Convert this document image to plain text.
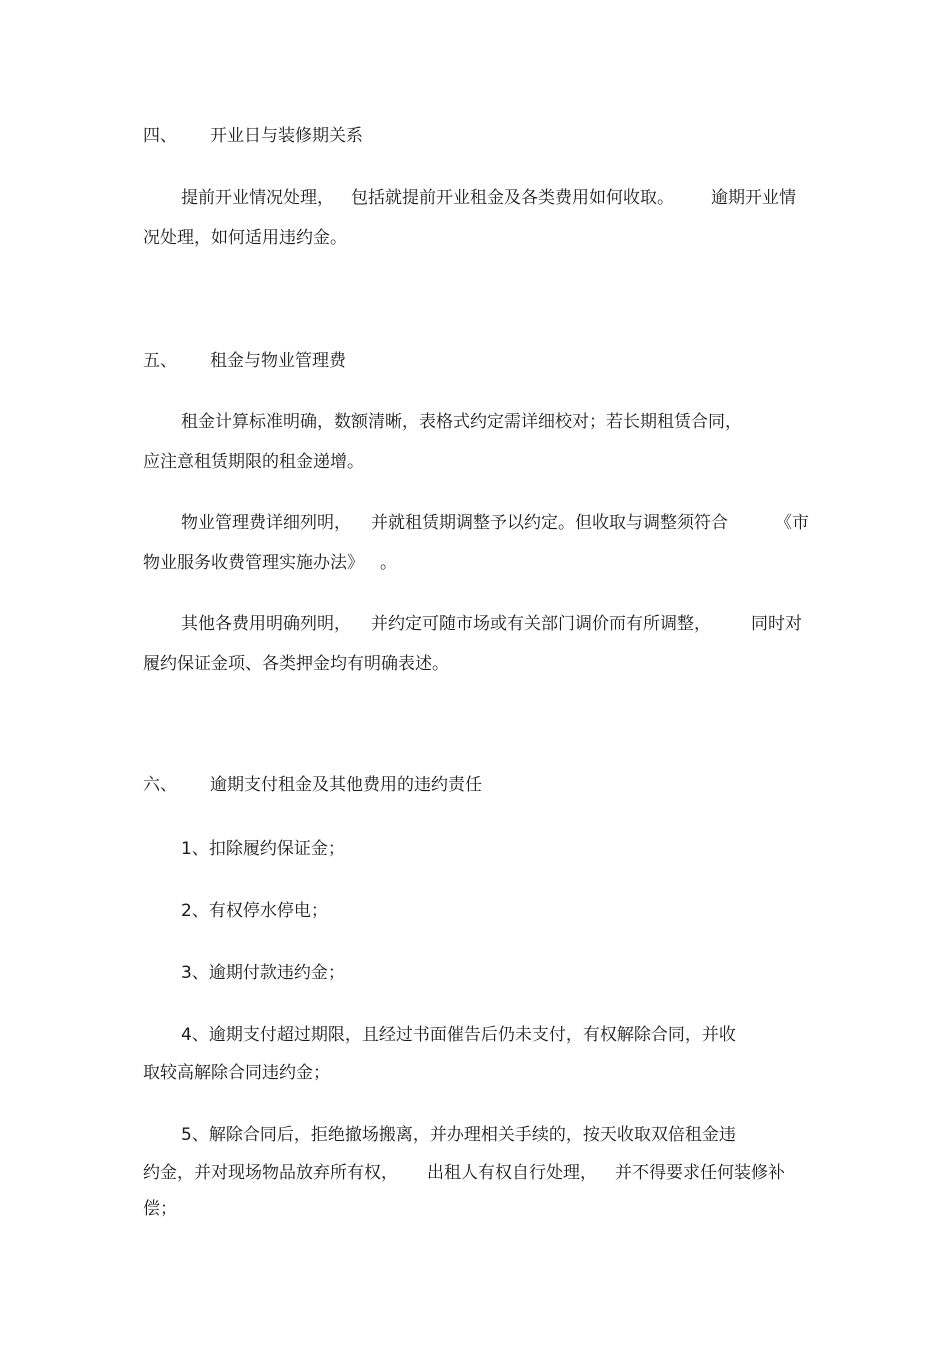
四、 开业日与装修期关系
提前开业情况处理， 包括就提前开业租金及各类费用如何收取。 逾期开业情
况处理，如何适用违约金。
五、 租金与物业管理费
租金计算标准明确，数额清晰，表格式约定需详细校对；若长期租赁合同，
应注意租赁期限的租金递增。
物业管理费详细列明， 并就租赁期调整予以约定。但收取与调整须符合	《市
物业服务收费管理实施办法》 。
其他各费用明确列明， 并约定可随市场或有关部门调价而有所调整， 同时对
履约保证金项、各类押金均有明确表述。
六、 逾期支付租金及其他费用的违约责任
1、扣除履约保证金；
2、有权停水停电；
3、逾期付款违约金；
4、逾期支付超过期限，且经过书面催告后仍未支付，有权解除合同，并收
取较高解除合同违约金；
5、解除合同后，拒绝撤场搬离，并办理相关手续的，按天收取双倍租金违
约金，并对现场物品放弃所有权， 出租人有权自行处理， 并不得要求任何装修补
偿；
